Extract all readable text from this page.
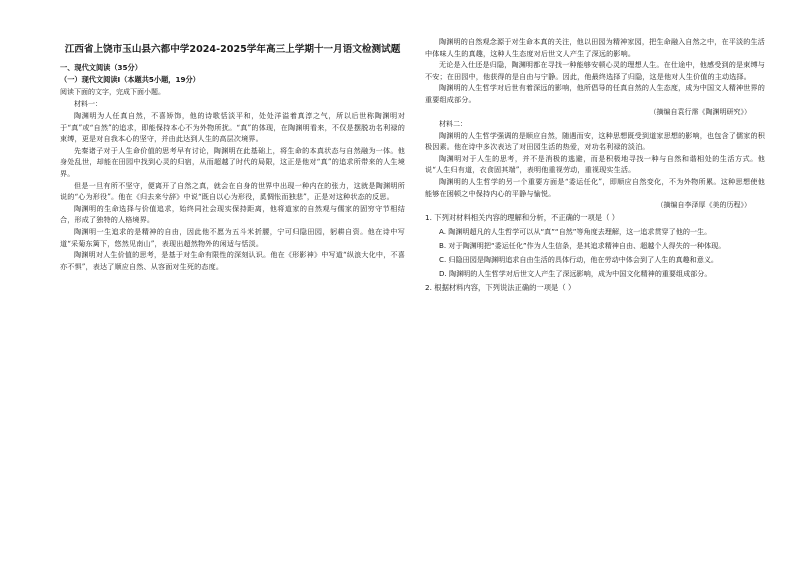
江西省上饶市玉山县六都中学2024-2025学年高三上学期十一月语文检测试题

一、现代文阅读（35分）

（一）现代文阅读Ⅰ（本题共5小题，19分）

阅读下面的文字，完成下面小题。

材料一：

陶渊明为人任真自然，不喜矫饰，他的诗歌恬淡平和，处处洋溢着真淳之气，所以后世称陶渊明对于“真”或“自然”的追求，即能保持本心不为外物所扰。“真”的体现，在陶渊明看来，不仅是摆脱功名利禄的束缚，更是对自我本心的坚守，并由此达到人生的高层次境界。

先秦诸子对于人生命价值的思考早有讨论，陶渊明在此基础上，将生命的本真状态与自然融为一体。他身处乱世，却能在田园中找到心灵的归宿，从而超越了时代的局限，这正是他对“真”的追求所带来的人生境界。

但是一旦有所不坚守，便离开了自然之真，就会在自身的世界中出现一种内在的张力，这就是陶渊明所说的“心为形役”。他在《归去来兮辞》中说“既自以心为形役，奚惆怅而独悲”，正是对这种状态的反思。

陶渊明的生命选择与价值追求，始终同社会现实保持距离，他将道家的自然观与儒家的固穷守节相结合，形成了独特的人格境界。

陶渊明一生追求的是精神的自由，因此他不愿为五斗米折腰，宁可归隐田园，躬耕自资。他在诗中写道“采菊东篱下，悠然见南山”，表现出超然物外的闲适与恬淡。

陶渊明对人生价值的思考，是基于对生命有限性的深刻认识。他在《形影神》中写道“纵浪大化中，不喜亦不惧”，表达了顺应自然、从容面对生死的态度。

陶渊明的自然观念源于对生命本真的关注，他以田园为精神家园，把生命融入自然之中，在平淡的生活中体味人生的真趣，这种人生态度对后世文人产生了深远的影响。

无论是入仕还是归隐，陶渊明都在寻找一种能够安顿心灵的理想人生。在仕途中，他感受到的是束缚与不安；在田园中，他获得的是自由与宁静。因此，他最终选择了归隐，这是他对人生价值的主动选择。

陶渊明的人生哲学对后世有着深远的影响，他所倡导的任真自然的人生态度，成为中国文人精神世界的重要组成部分。

（摘编自袁行霈《陶渊明研究》）

材料二：

陶渊明的人生哲学强调的是顺应自然，随遇而安，这种思想既受到道家思想的影响，也包含了儒家的积极因素。他在诗中多次表达了对田园生活的热爱，对功名利禄的淡泊。

陶渊明对于人生的思考，并不是消极的逃避，而是积极地寻找一种与自然和谐相处的生活方式。他说“人生归有道，衣食固其端”，表明他重视劳动，重视现实生活。

陶渊明的人生哲学的另一个重要方面是“委运任化”，即顺应自然变化，不为外物所累。这种思想使他能够在困顿之中保持内心的平静与愉悦。

（摘编自李泽厚《美的历程》）

1. 下列对材料相关内容的理解和分析，不正确的一项是（ ）

A. 陶渊明超凡的人生哲学可以从“真”“自然”等角度去理解，这一追求贯穿了他的一生。

B. 对于陶渊明把“委运任化”作为人生信条，是其追求精神自由、超越个人得失的一种体现。

C. 归隐田园是陶渊明追求自由生活的具体行动，他在劳动中体会到了人生的真趣和意义。

D. 陶渊明的人生哲学对后世文人产生了深远影响，成为中国文化精神的重要组成部分。

2. 根据材料内容，下列说法正确的一项是（ ）
